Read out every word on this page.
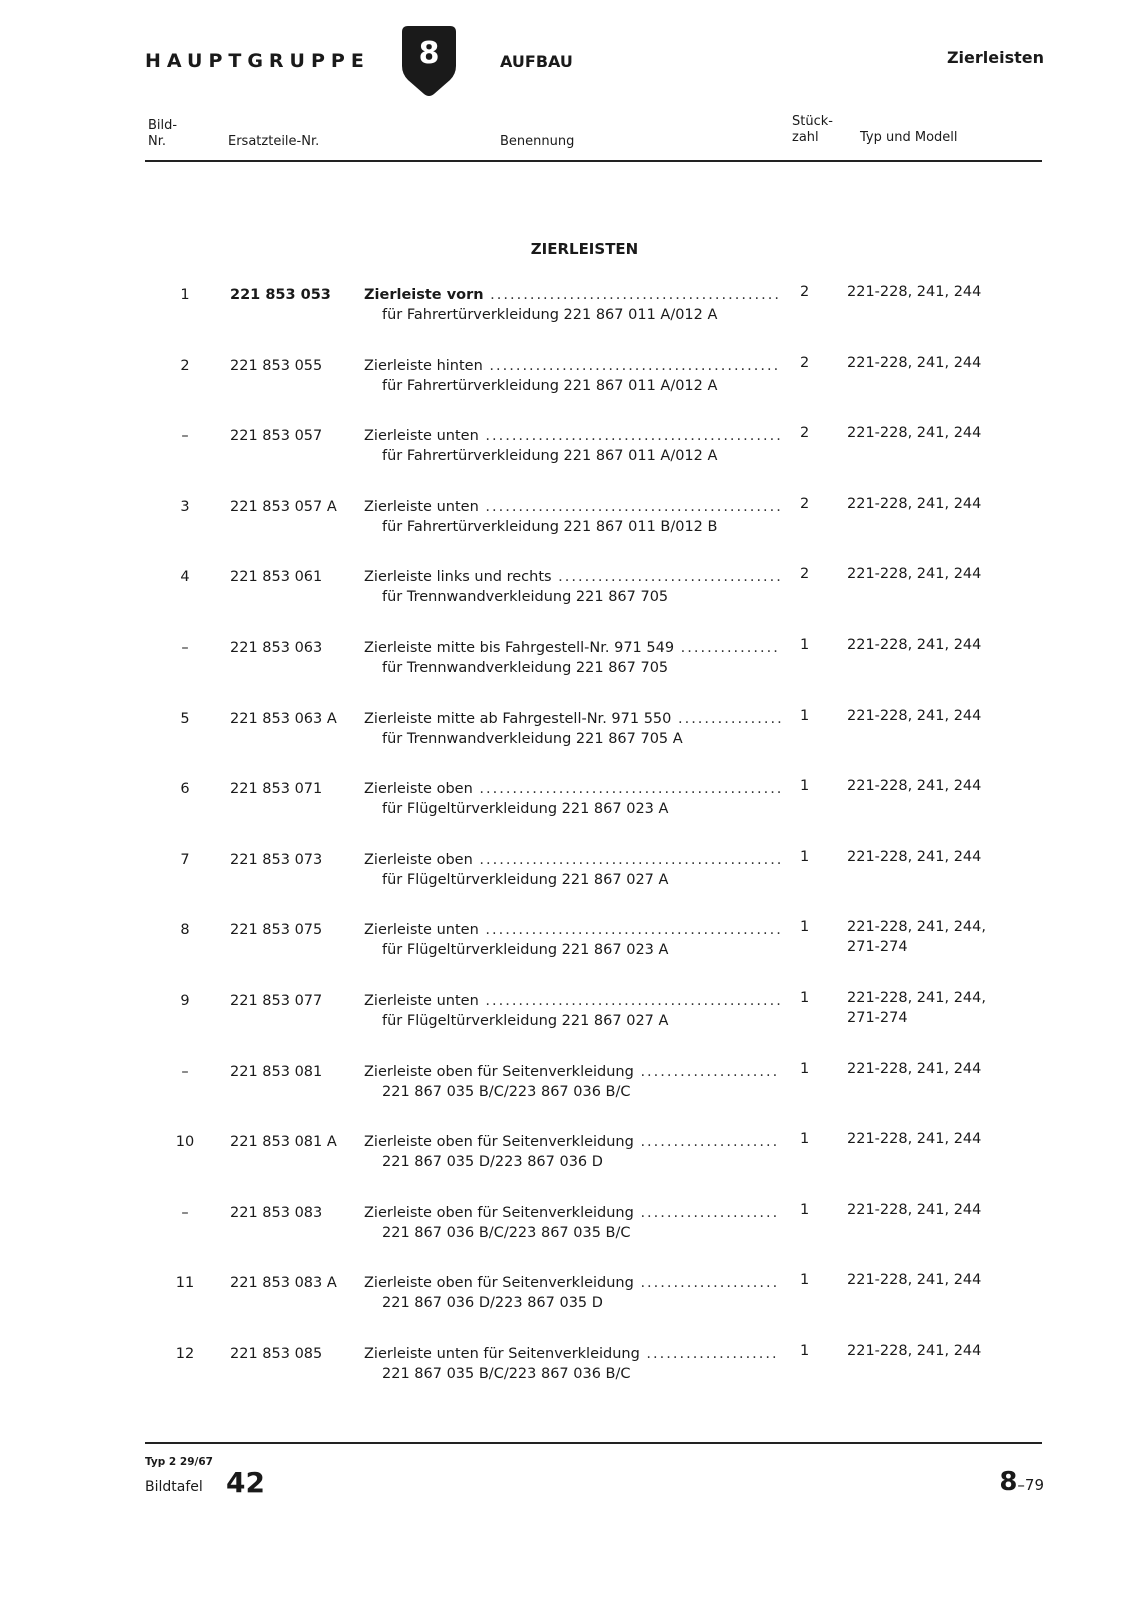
HAUPTGRUPPE	8	AUFBAU	Zierleisten
Bild-
Nr.	Ersatzteile-Nr.	Benennung
Stück-
zahl	Typ und Modell
ZIERLEISTEN
1	221 853 053 Zierleiste vorn ............................................
für Fahrertürverkleidung 221 867 011 A/012 A
2	221-228, 241, 244
2	221 853 055	Zierleiste hinten ............................................
für Fahrertürverkleidung 221 867 011 A/012 A
2	221-228, 241, 244
–	221 853 057	Zierleiste unten .............................................
für Fahrertürverkleidung 221 867 011 A/012 A
2	221-228, 241, 244
3	221 853 057 A Zierleiste unten .............................................
für Fahrertürverkleidung 221 867 011 B/012 B
2	221-228, 241, 244
4	221 853 061	Zierleiste links und rechts ..................................
für Trennwandverkleidung 221 867 705
2	221-228, 241, 244
–	221 853 063	Zierleiste mitte bis Fahrgestell-Nr. 971 549 ...............
für Trennwandverkleidung 221 867 705
1	221-228, 241, 244
5	221 853 063 A Zierleiste mitte ab Fahrgestell-Nr. 971 550 ................
für Trennwandverkleidung 221 867 705 A
1	221-228, 241, 244
6	221 853 071	Zierleiste oben ..............................................
für Flügeltürverkleidung 221 867 023 A
1	221-228, 241, 244
7	221 853 073	Zierleiste oben ..............................................
für Flügeltürverkleidung 221 867 027 A
1	221-228, 241, 244
8	221 853 075	Zierleiste unten .............................................
für Flügeltürverkleidung 221 867 023 A
1	221-228, 241, 244,
271-274
9	221 853 077	Zierleiste unten .............................................
für Flügeltürverkleidung 221 867 027 A
1	221-228, 241, 244,
271-274
–	221 853 081	Zierleiste oben für Seitenverkleidung .....................
221 867 035 B/C/223 867 036 B/C
1	221-228, 241, 244
10	221 853 081 A Zierleiste oben für Seitenverkleidung .....................
221 867 035 D/223 867 036 D
1	221-228, 241, 244
–	221 853 083	Zierleiste oben für Seitenverkleidung .....................
221 867 036 B/C/223 867 035 B/C
1	221-228, 241, 244
11	221 853 083 A Zierleiste oben für Seitenverkleidung .....................
221 867 036 D/223 867 035 D
1	221-228, 241, 244
12	221 853 085	Zierleiste unten für Seitenverkleidung ....................
221 867 035 B/C/223 867 036 B/C
1	221-228, 241, 244
Typ 2 29/67
Bildtafel 42	8–79
